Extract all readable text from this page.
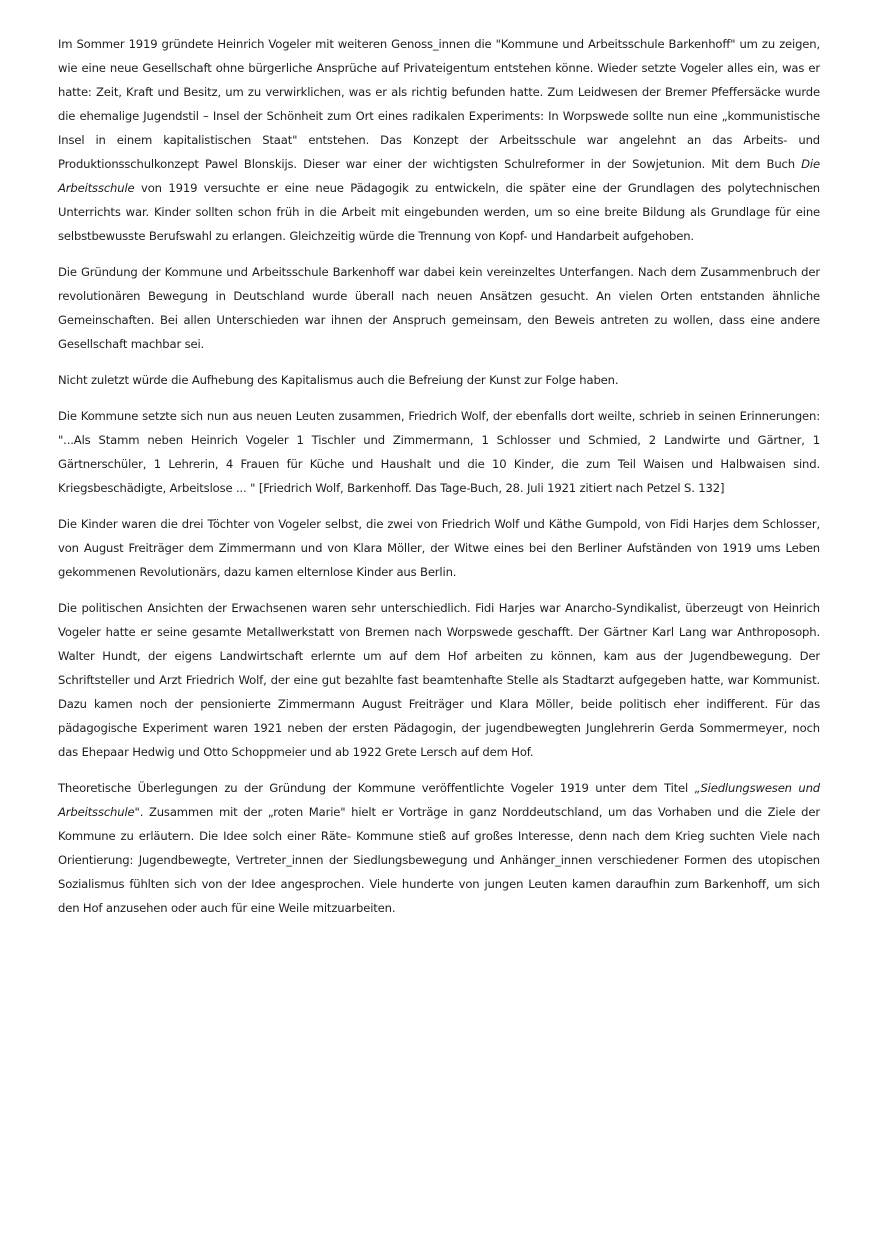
Im Sommer 1919 gründete Heinrich Vogeler mit weiteren Genoss_innen die "Kommune und Arbeitsschule Barkenhoff" um zu zeigen, wie eine neue Gesellschaft ohne bürgerliche Ansprüche auf Privateigentum entstehen könne. Wieder setzte Vogeler alles ein, was er hatte: Zeit, Kraft und Besitz, um zu verwirklichen, was er als richtig befunden hatte. Zum Leidwesen der Bremer Pfeffersäcke wurde die ehemalige Jugendstil – Insel der Schönheit zum Ort eines radikalen Experiments: In Worpswede sollte nun eine „kommunistische Insel in einem kapitalistischen Staat" entstehen. Das Konzept der Arbeitsschule war angelehnt an das Arbeits- und Produktionsschulkonzept Pawel Blonskijs. Dieser war einer der wichtigsten Schulreformer in der Sowjetunion. Mit dem Buch Die Arbeitsschule von 1919 versuchte er eine neue Pädagogik zu entwickeln, die später eine der Grundlagen des polytechnischen Unterrichts war. Kinder sollten schon früh in die Arbeit mit eingebunden werden, um so eine breite Bildung als Grundlage für eine selbstbewusste Berufswahl zu erlangen. Gleichzeitig würde die Trennung von Kopf- und Handarbeit aufgehoben.

Die Gründung der Kommune und Arbeitsschule Barkenhoff war dabei kein vereinzeltes Unterfangen. Nach dem Zusammenbruch der revolutionären Bewegung in Deutschland wurde überall nach neuen Ansätzen gesucht. An vielen Orten entstanden ähnliche Gemeinschaften. Bei allen Unterschieden war ihnen der Anspruch gemeinsam, den Beweis antreten zu wollen, dass eine andere Gesellschaft machbar sei.

Nicht zuletzt würde die Aufhebung des Kapitalismus auch die Befreiung der Kunst zur Folge haben.

Die Kommune setzte sich nun aus neuen Leuten zusammen, Friedrich Wolf, der ebenfalls dort weilte, schrieb in seinen Erinnerungen: "...Als Stamm neben Heinrich Vogeler 1 Tischler und Zimmermann, 1 Schlosser und Schmied, 2 Landwirte und Gärtner, 1 Gärtnerschüler, 1 Lehrerin, 4 Frauen für Küche und Haushalt und die 10 Kinder, die zum Teil Waisen und Halbwaisen sind. Kriegsbeschädigte, Arbeitslose ... " [Friedrich Wolf, Barkenhoff. Das Tage-Buch, 28. Juli 1921 zitiert nach Petzel S. 132]

Die Kinder waren die drei Töchter von Vogeler selbst, die zwei von Friedrich Wolf und Käthe Gumpold, von Fidi Harjes dem Schlosser, von August Freiträger dem Zimmermann und von Klara Möller, der Witwe eines bei den Berliner Aufständen von 1919 ums Leben gekommenen Revolutionärs, dazu kamen elternlose Kinder aus Berlin.

Die politischen Ansichten der Erwachsenen waren sehr unterschiedlich. Fidi Harjes war Anarcho-Syndikalist, überzeugt von Heinrich Vogeler hatte er seine gesamte Metallwerkstatt von Bremen nach Worpswede geschafft. Der Gärtner Karl Lang war Anthroposoph. Walter Hundt, der eigens Landwirtschaft erlernte um auf dem Hof arbeiten zu können, kam aus der Jugendbewegung. Der Schriftsteller und Arzt Friedrich Wolf, der eine gut bezahlte fast beamtenhafte Stelle als Stadtarzt aufgegeben hatte, war Kommunist. Dazu kamen noch der pensionierte Zimmermann August Freiträger und Klara Möller, beide politisch eher indifferent. Für das pädagogische Experiment waren 1921 neben der ersten Pädagogin, der jugendbewegten Junglehrerin Gerda Sommermeyer, noch das Ehepaar Hedwig und Otto Schoppmeier und ab 1922 Grete Lersch auf dem Hof.

Theoretische Überlegungen zu der Gründung der Kommune veröffentlichte Vogeler 1919 unter dem Titel „Siedlungswesen und Arbeitsschule". Zusammen mit der „roten Marie" hielt er Vorträge in ganz Norddeutschland, um das Vorhaben und die Ziele der Kommune zu erläutern. Die Idee solch einer Räte- Kommune stieß auf großes Interesse, denn nach dem Krieg suchten Viele nach Orientierung: Jugendbewegte, Vertreter_innen der Siedlungsbewegung und Anhänger_innen verschiedener Formen des utopischen Sozialismus fühlten sich von der Idee angesprochen. Viele hunderte von jungen Leuten kamen daraufhin zum Barkenhoff, um sich den Hof anzusehen oder auch für eine Weile mitzuarbeiten.
